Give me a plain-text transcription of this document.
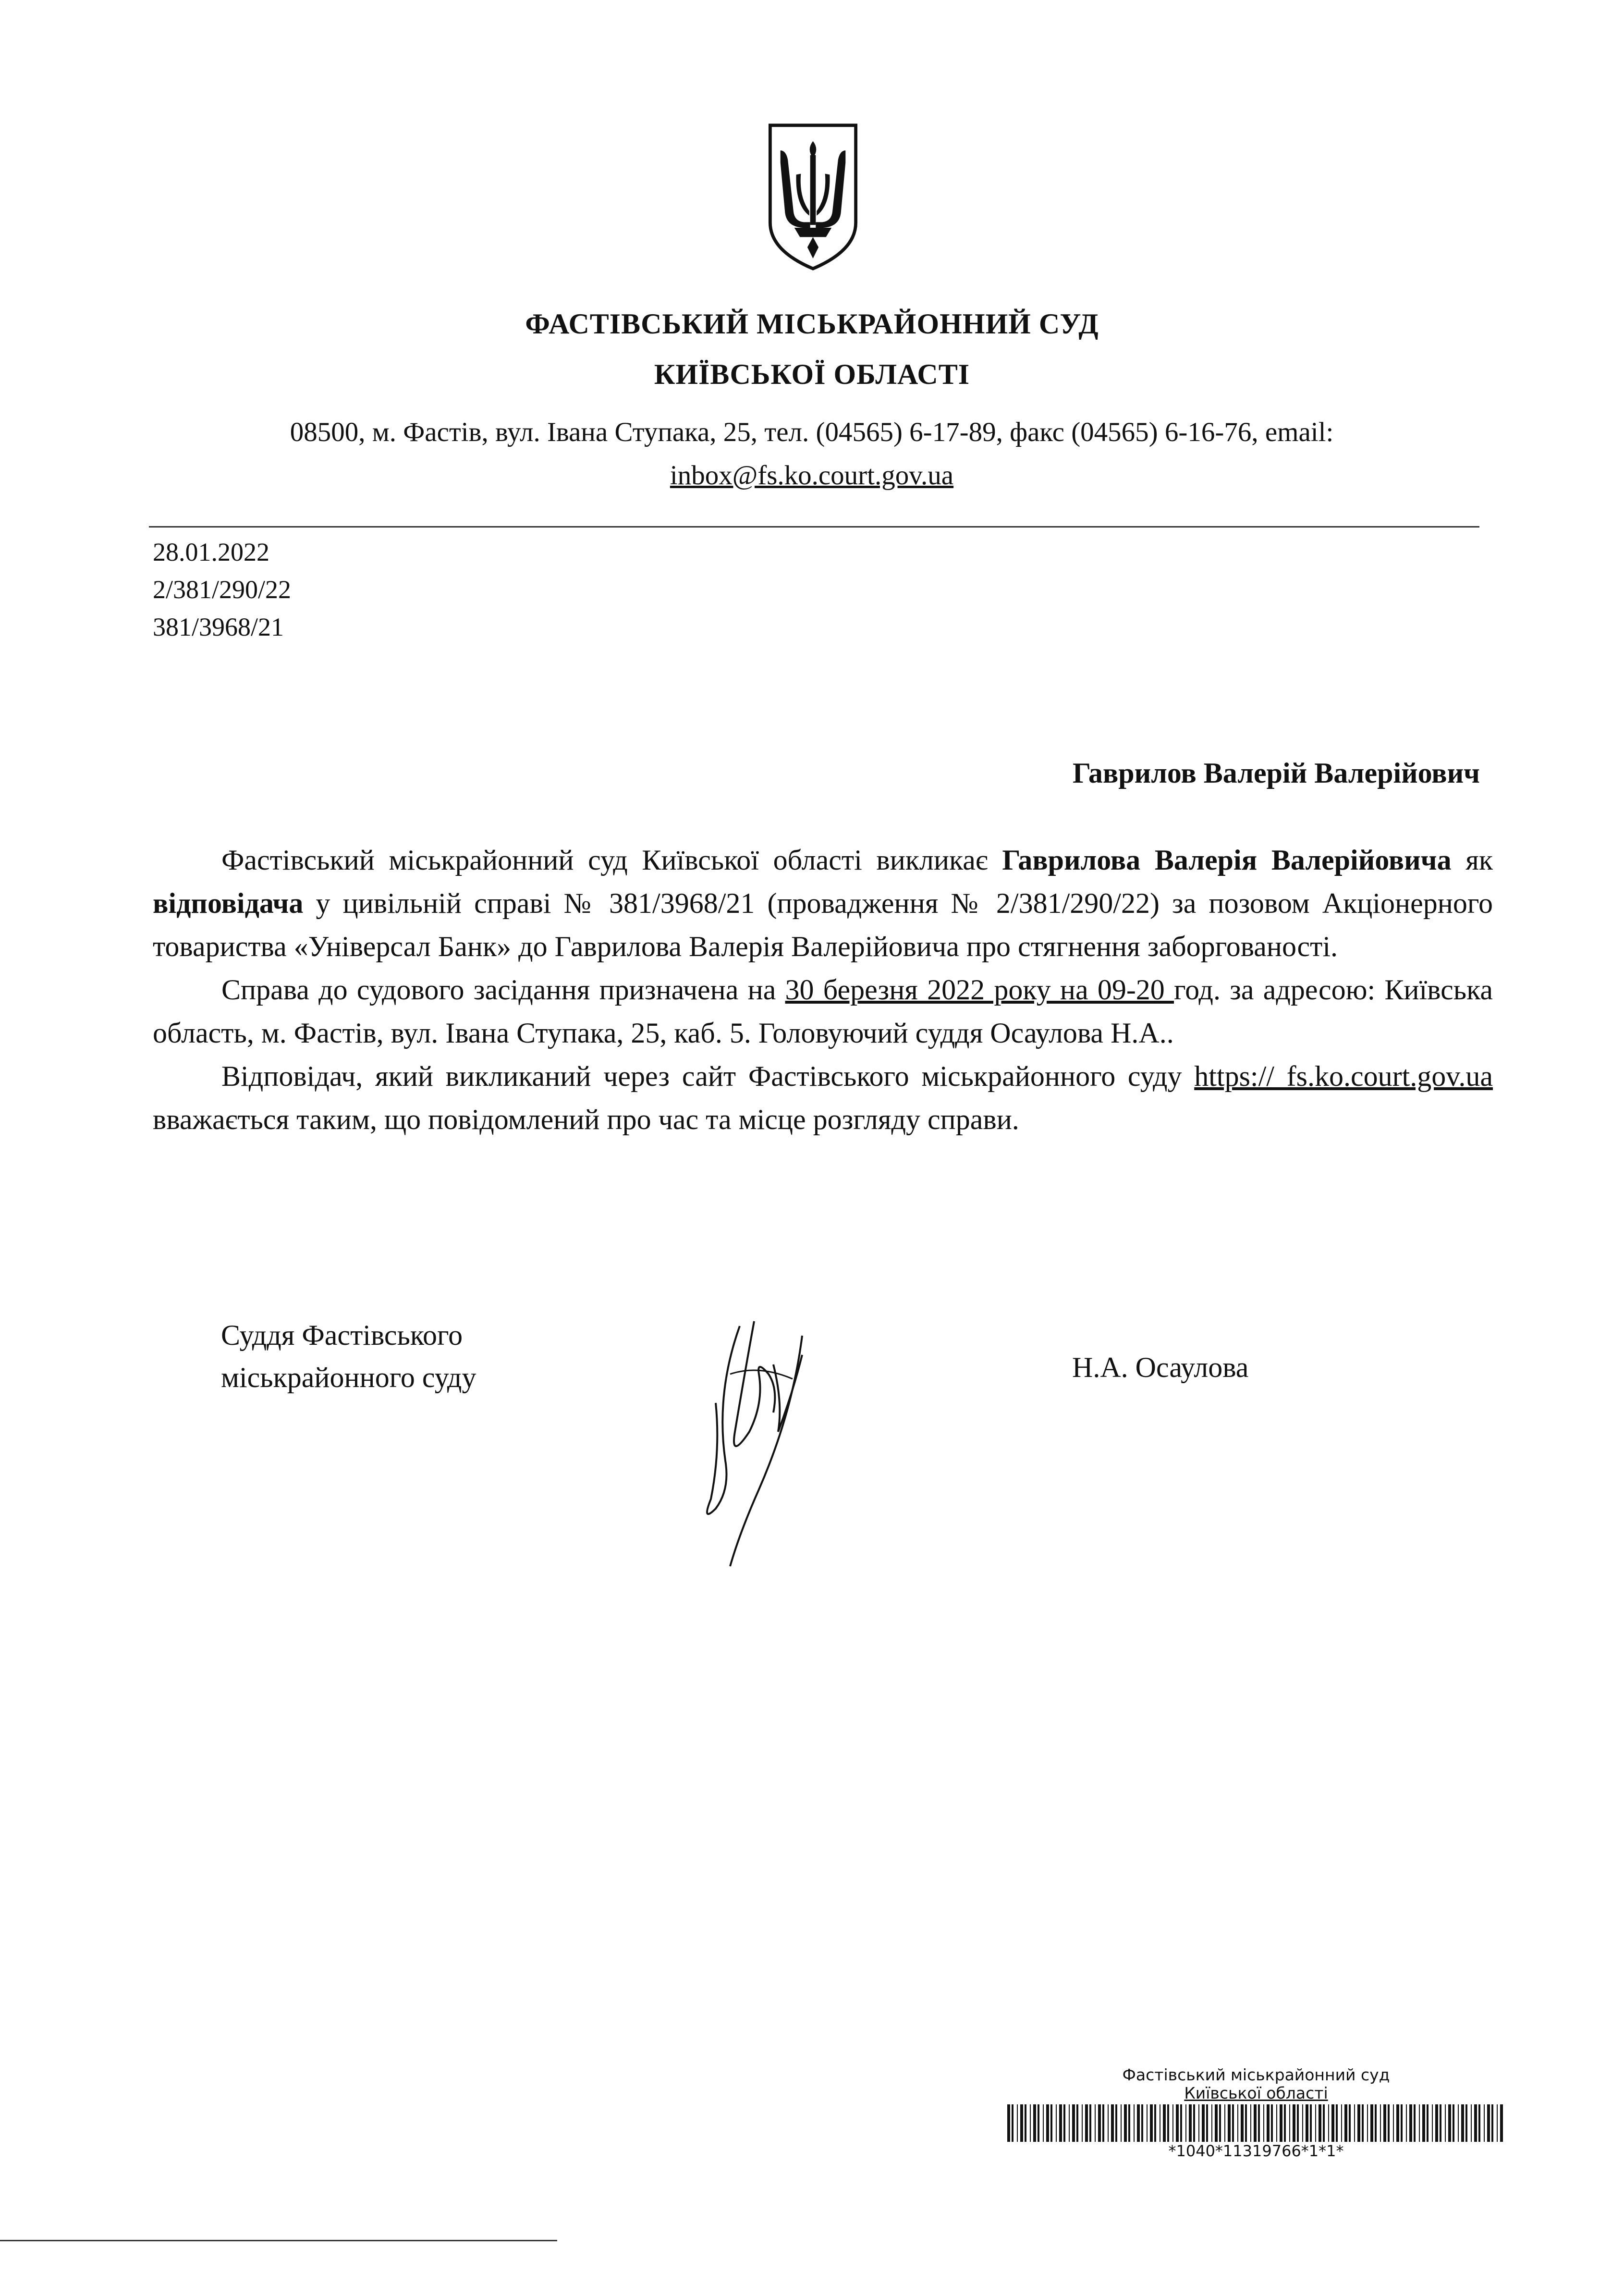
ФАСТІВСЬКИЙ МІСЬКРАЙОННИЙ СУД
КИЇВСЬКОЇ ОБЛАСТІ
08500, м. Фастів, вул. Івана Ступака, 25, тел. (04565) 6-17-89, факс (04565) 6-16-76, email:
inbox@fs.ko.court.gov.ua
28.01.2022
2/381/290/22
381/3968/21
Гаврилов Валерій Валерійович

Фастівський міськрайонний суд Київської області викликає Гаврилова Валерія Валерійовича як відповідача у цивільній справі № 381/3968/21 (провадження № 2/381/290/22) за позовом Акціонерного товариства «Універсал Банк» до Гаврилова Валерія Валерійовича про стягнення заборгованості.

Справа до судового засідання призначена на 30 березня 2022 року на 09-20 год. за адресою: Київська область, м. Фастів, вул. Івана Ступака, 25, каб. 5. Головуючий суддя Осаулова Н.А..

Відповідач, який викликаний через сайт Фастівського міськрайонного суду https:// fs.ko.court.gov.ua вважається таким, що повідомлений про час та місце розгляду справи.

Суддя Фастівського
міськрайонного суду	Н.А. Осаулова
Фастівський міськрайонний суд
Київської області
*1040*11319766*1*1*
